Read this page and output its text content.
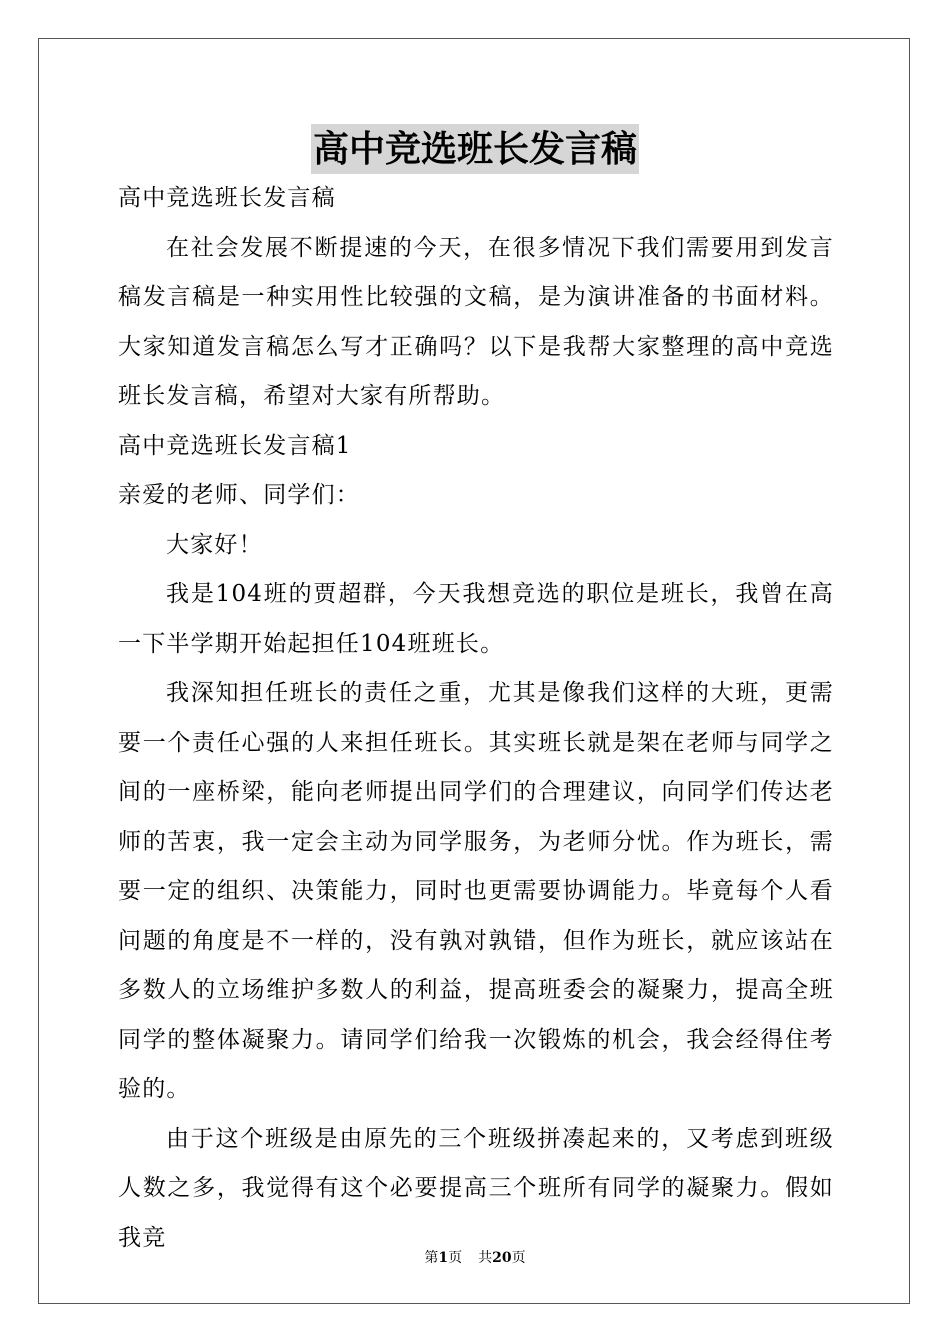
高中竞选班长发言稿

高中竞选班长发言稿

在社会发展不断提速的今天，在很多情况下我们需要用到发言稿发言稿是一种实用性比较强的文稿，是为演讲准备的书面材料。大家知道发言稿怎么写才正确吗？以下是我帮大家整理的高中竞选班长发言稿，希望对大家有所帮助。

高中竞选班长发言稿1

亲爱的老师、同学们：

大家好！

我是104班的贾超群，今天我想竞选的职位是班长，我曾在高一下半学期开始起担任104班班长。

我深知担任班长的责任之重，尤其是像我们这样的大班，更需要一个责任心强的人来担任班长。其实班长就是架在老师与同学之间的一座桥梁，能向老师提出同学们的合理建议，向同学们传达老师的苦衷，我一定会主动为同学服务，为老师分忧。作为班长，需要一定的组织、决策能力，同时也更需要协调能力。毕竟每个人看问题的角度是不一样的，没有孰对孰错，但作为班长，就应该站在多数人的立场维护多数人的利益，提高班委会的凝聚力，提高全班同学的整体凝聚力。请同学们给我一次锻炼的机会，我会经得住考验的。

由于这个班级是由原先的三个班级拼凑起来的，又考虑到班级人数之多，我觉得有这个必要提高三个班所有同学的凝聚力。假如我竞

第1页 共20页
